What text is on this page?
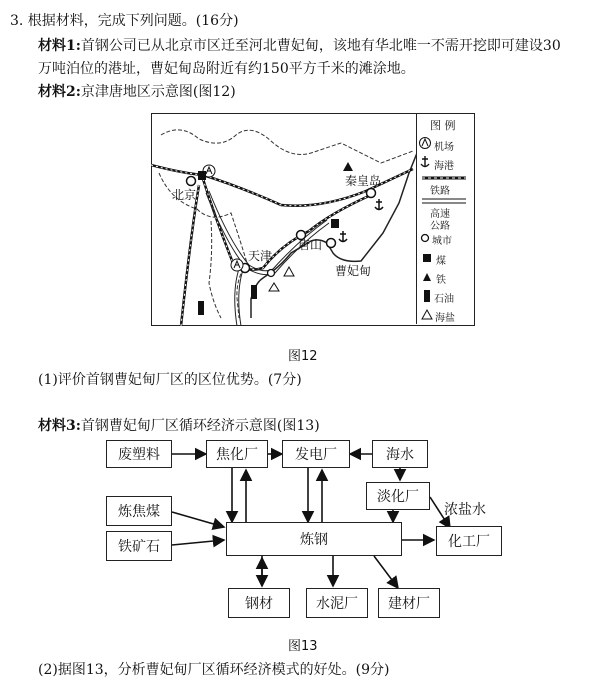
3. 根据材料，完成下列问题。(16分)
材料1:首钢公司已从北京市区迁至河北曹妃甸，该地有华北唯一不需开挖即可建设30
万吨泊位的港址，曹妃甸岛附近有约150平方千米的滩涂地。
材料2:京津唐地区示意图(图12)
北京
天津
唐山
秦皇岛
曹妃甸
图 例
机场
海港
铁路
高速
公路
城市
煤
铁
石油
海盐
图12
(1)评价首钢曹妃甸厂区的区位优势。(7分)
材料3:首钢曹妃甸厂区循环经济示意图(图13)
废塑料	焦化厂	发电厂	海水
淡化厂
浓盐水
炼焦煤
铁矿石	炼钢	化工厂
钢材	水泥厂	建材厂
图13
(2)据图13，分析曹妃甸厂区循环经济模式的好处。(9分)
